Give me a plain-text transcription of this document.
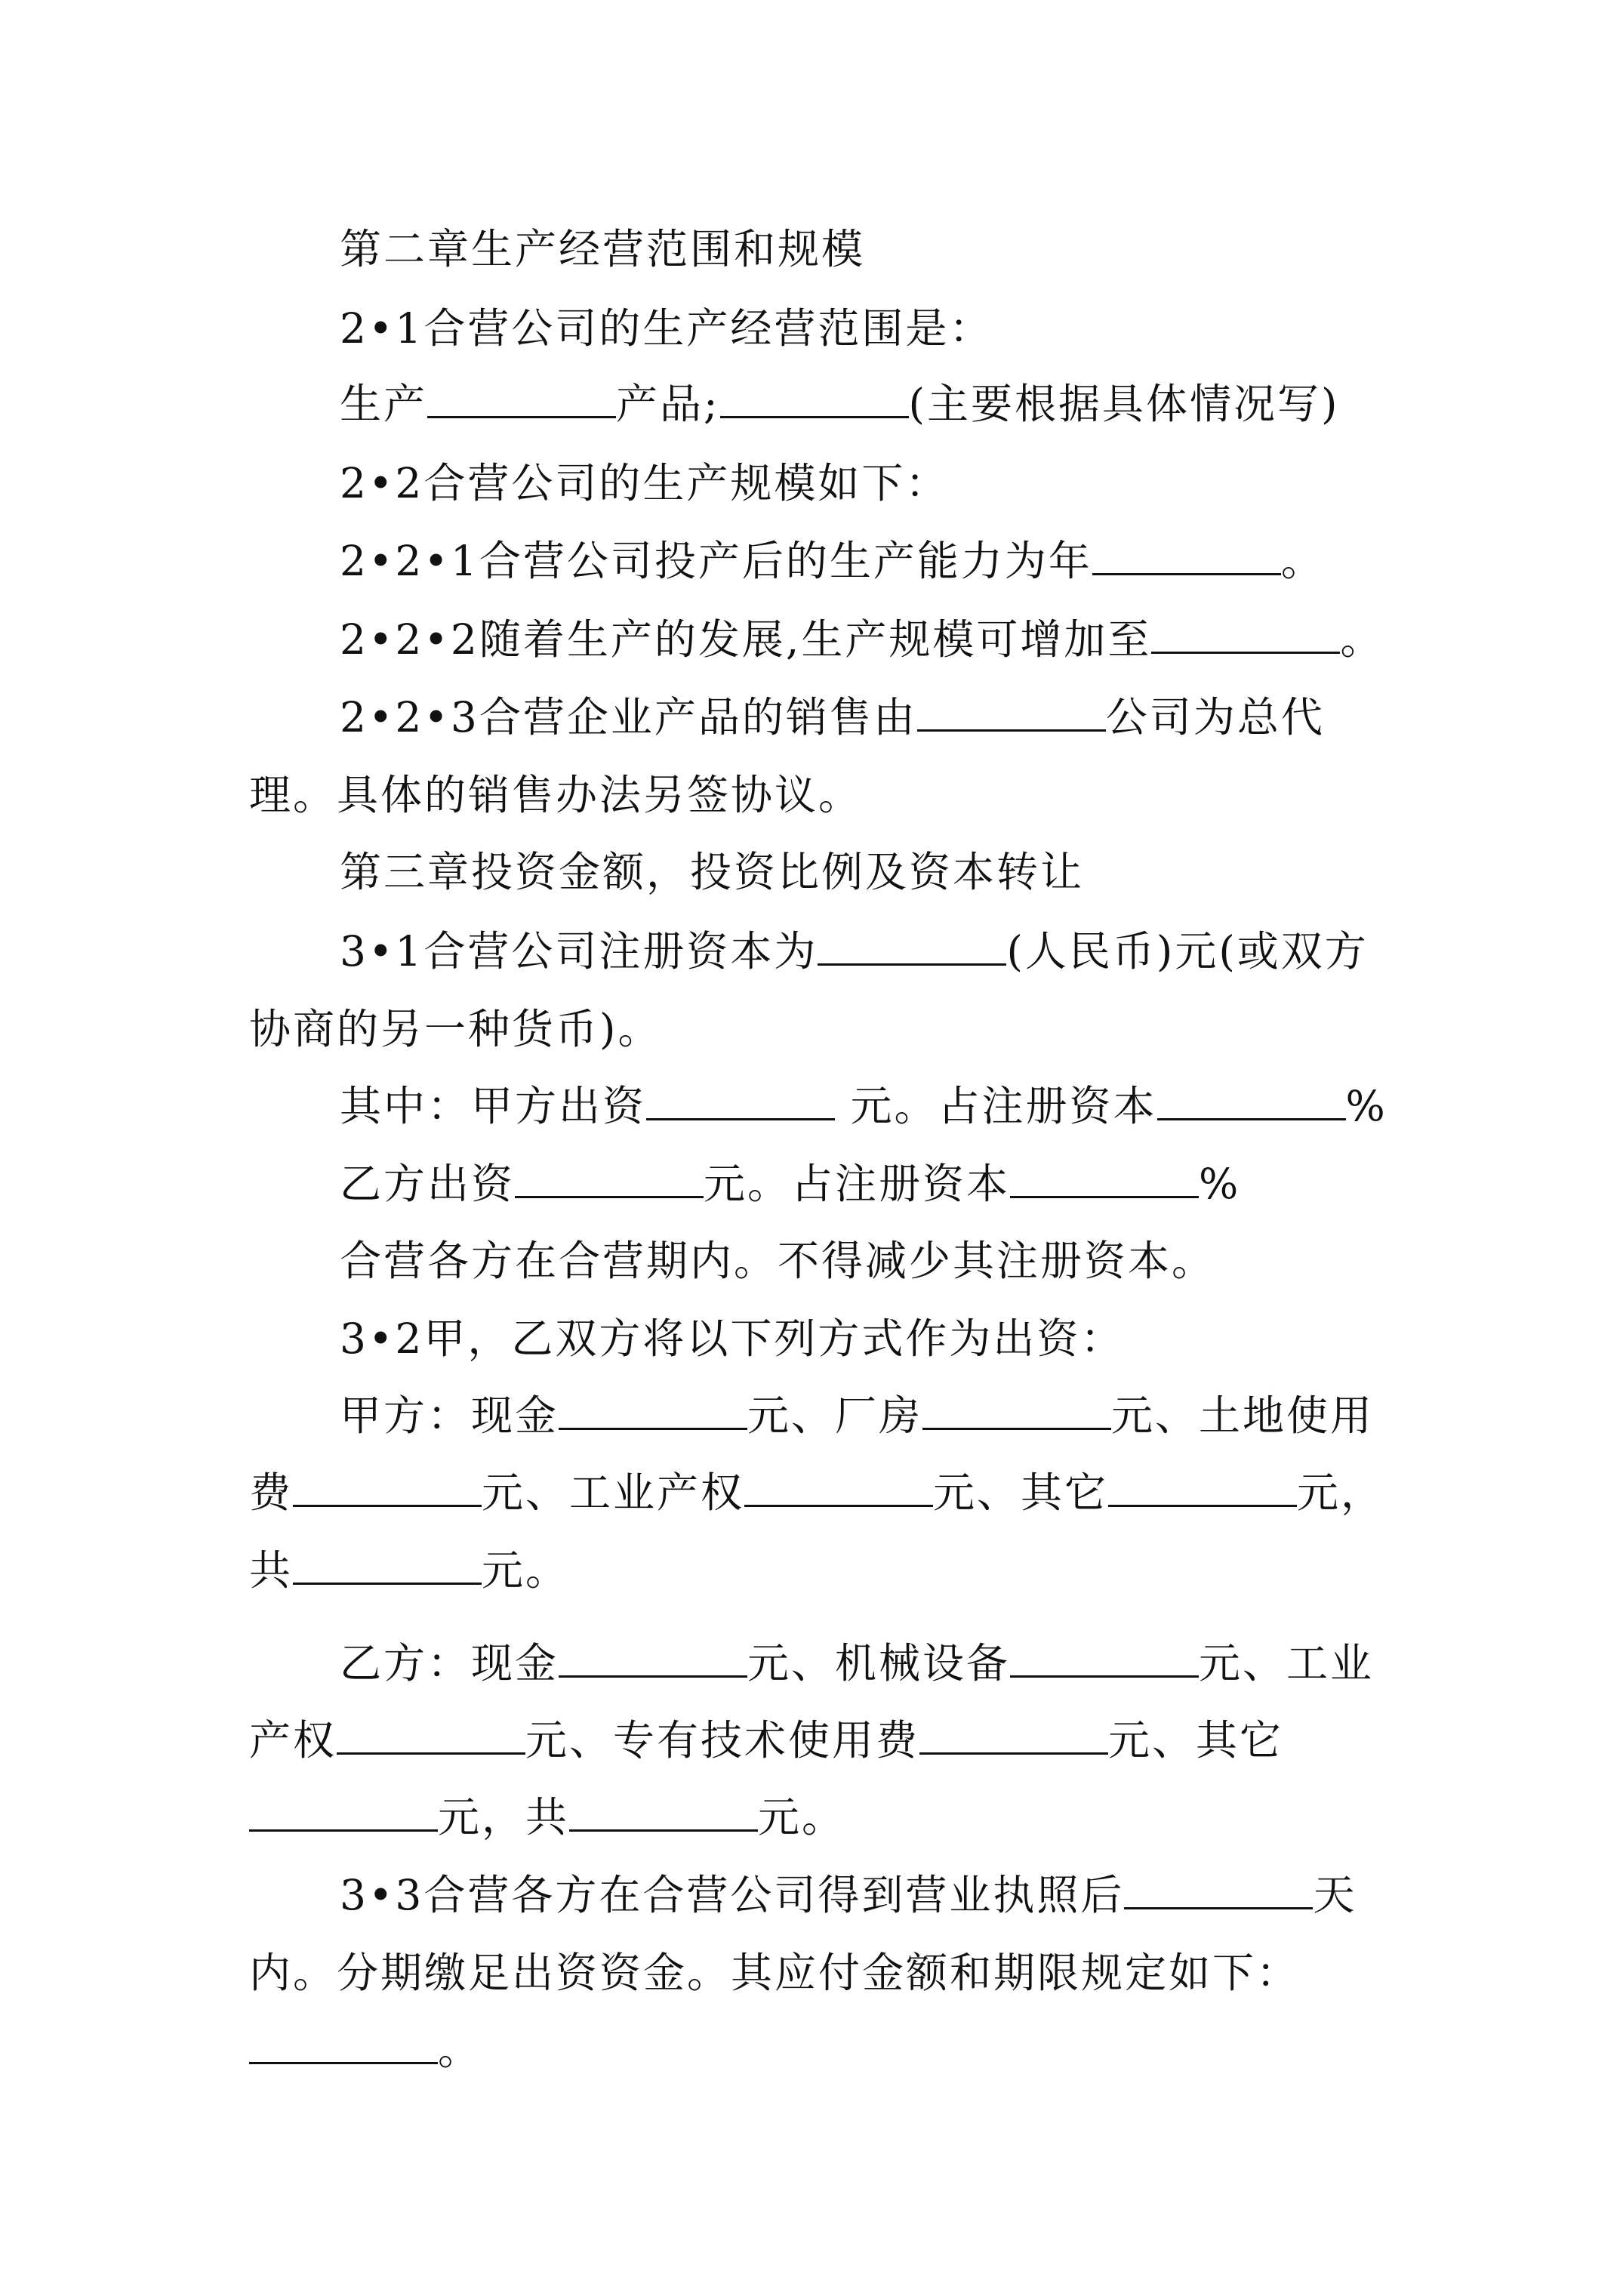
第二章生产经营范围和规模
2•1合营公司的生产经营范围是：
生产	产品;	(主要根据具体情况写)
2•2合营公司的生产规模如下：
2•2•1合营公司投产后的生产能力为年	。
2•2•2随着生产的发展,生产规模可增加至	。
2•2•3合营企业产品的销售由	公司为总代
理。具体的销售办法另签协议。
第三章投资金额，投资比例及资本转让
3•1合营公司注册资本为	(人民币)元(或双方
协商的另一种货币)。
其中：甲方出资	元。占注册资本	%
乙方出资	元。占注册资本	%
合营各方在合营期内。不得减少其注册资本。
3•2甲，乙双方将以下列方式作为出资：
甲方：现金	元、厂房	元、土地使用
费	元、工业产权	元、其它	元，
共	元。
乙方：现金	元、机械设备	元、工业
产权	元、专有技术使用费	元、其它
元，共	元。
3•3合营各方在合营公司得到营业执照后	天
内。分期缴足出资资金。其应付金额和期限规定如下：
。
